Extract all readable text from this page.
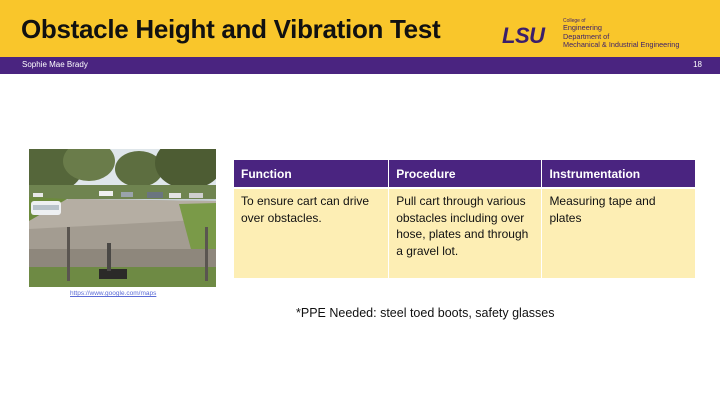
Obstacle Height and Vibration Test	LSU
College of
Engineering
Department of
Mechanical & Industrial Engineering
Sophie Mae Brady	18
https://www.google.com/maps
Function	Procedure	Instrumentation
To ensure cart can drive over obstacles.	Pull cart through various obstacles including over hose, plates and through a gravel lot.	Measuring tape and plates
*PPE Needed: steel toed boots, safety glasses
